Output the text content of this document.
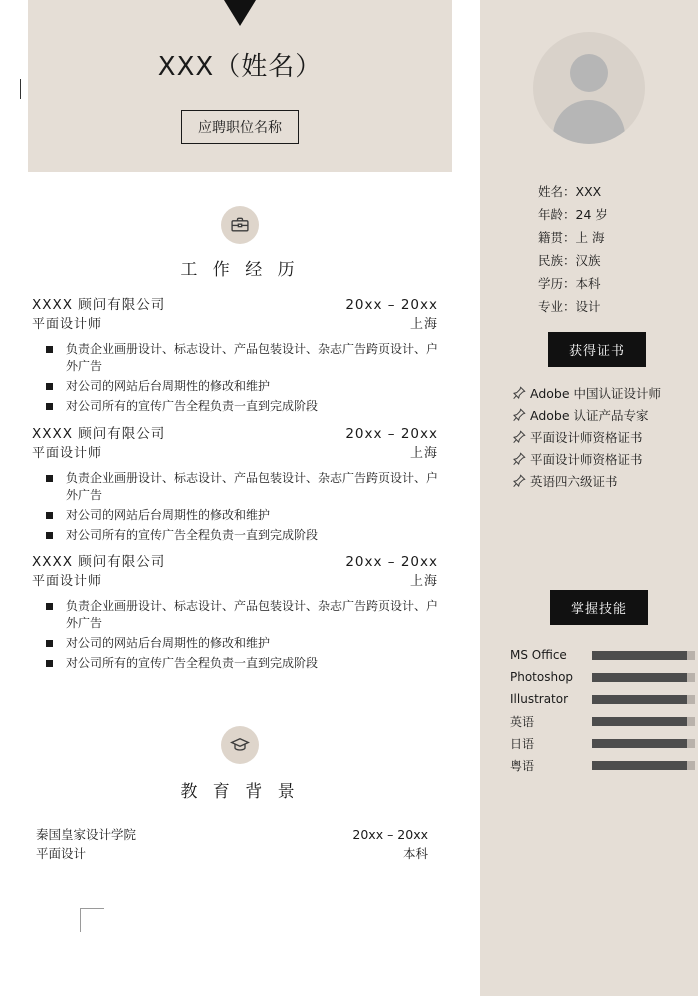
XXX（姓名）
应聘职位名称
工 作 经 历
XXXX 顾问有限公司	20xx – 20xx
平面设计师	上海
负责企业画册设计、标志设计、产品包装设计、杂志广告跨页设计、户外广告
对公司的网站后台周期性的修改和维护
对公司所有的宣传广告全程负责一直到完成阶段
XXXX 顾问有限公司	20xx – 20xx
平面设计师	上海
负责企业画册设计、标志设计、产品包装设计、杂志广告跨页设计、户外广告
对公司的网站后台周期性的修改和维护
对公司所有的宣传广告全程负责一直到完成阶段
XXXX 顾问有限公司	20xx – 20xx
平面设计师	上海
负责企业画册设计、标志设计、产品包装设计、杂志广告跨页设计、户外广告
对公司的网站后台周期性的修改和维护
对公司所有的宣传广告全程负责一直到完成阶段
教 育 背 景
秦国皇家设计学院	20xx – 20xx
平面设计	本科
姓名：XXX
年龄：24 岁
籍贯：上 海
民族：汉族
学历：本科
专业：设计
获得证书
Adobe 中国认证设计师
Adobe 认证产品专家
平面设计师资格证书
平面设计师资格证书
英语四六级证书
掌握技能
MS Office
Photoshop
Illustrator
英语
日语
粤语
